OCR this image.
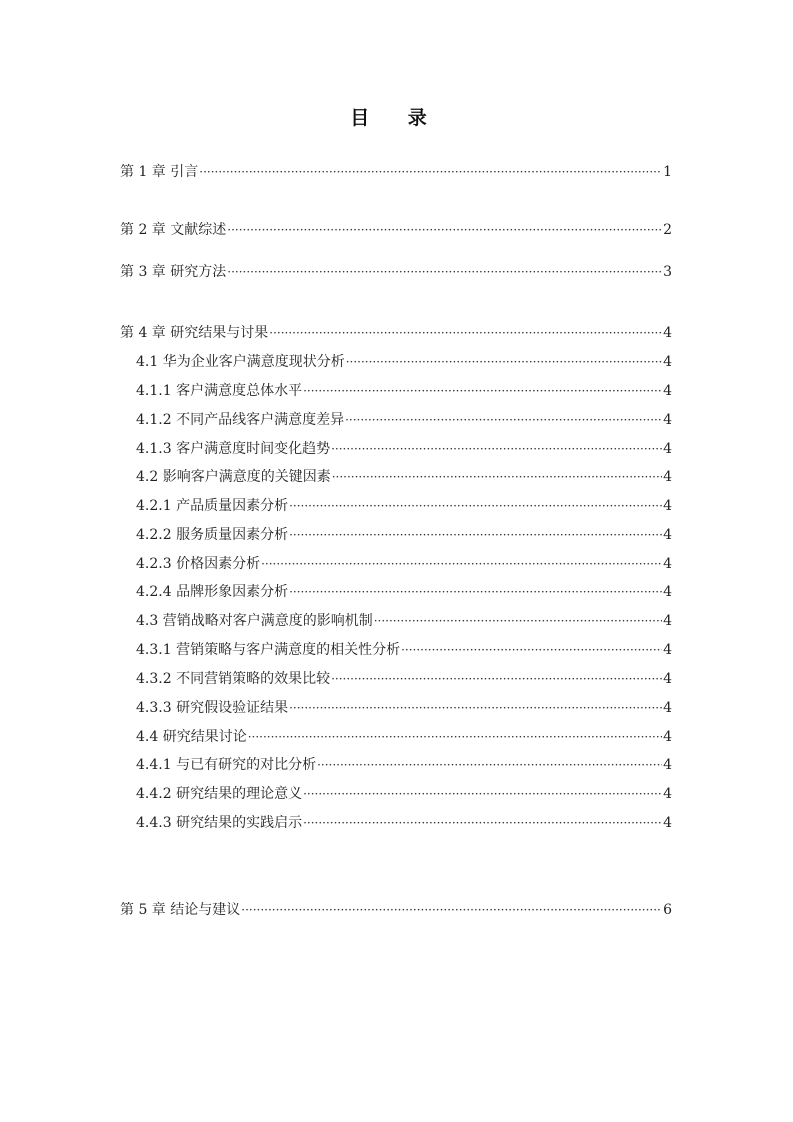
目 录
第 1 章 引言 ·····	1
第 2 章 文献综述 ·····	2
第 3 章 研究方法 ·····	3
第 4 章 研究结果与讨果 ·····	4
4.1 华为企业客户满意度现状分析 ·····	4
4.1.1 客户满意度总体水平 ·····	4
4.1.2 不同产品线客户满意度差异 ·····	4
4.1.3 客户满意度时间变化趋势 ·····	4
4.2 影响客户满意度的关键因素 ·····	4
4.2.1 产品质量因素分析 ·····	4
4.2.2 服务质量因素分析 ·····	4
4.2.3 价格因素分析 ·····	4
4.2.4 品牌形象因素分析 ·····	4
4.3 营销战略对客户满意度的影响机制 ·····	4
4.3.1 营销策略与客户满意度的相关性分析 ·····	4
4.3.2 不同营销策略的效果比较 ·····	4
4.3.3 研究假设验证结果 ·····	4
4.4 研究结果讨论 ·····	4
4.4.1 与已有研究的对比分析 ·····	4
4.4.2 研究结果的理论意义 ·····	4
4.4.3 研究结果的实践启示 ·····	4
第 5 章 结论与建议 ·····	6
